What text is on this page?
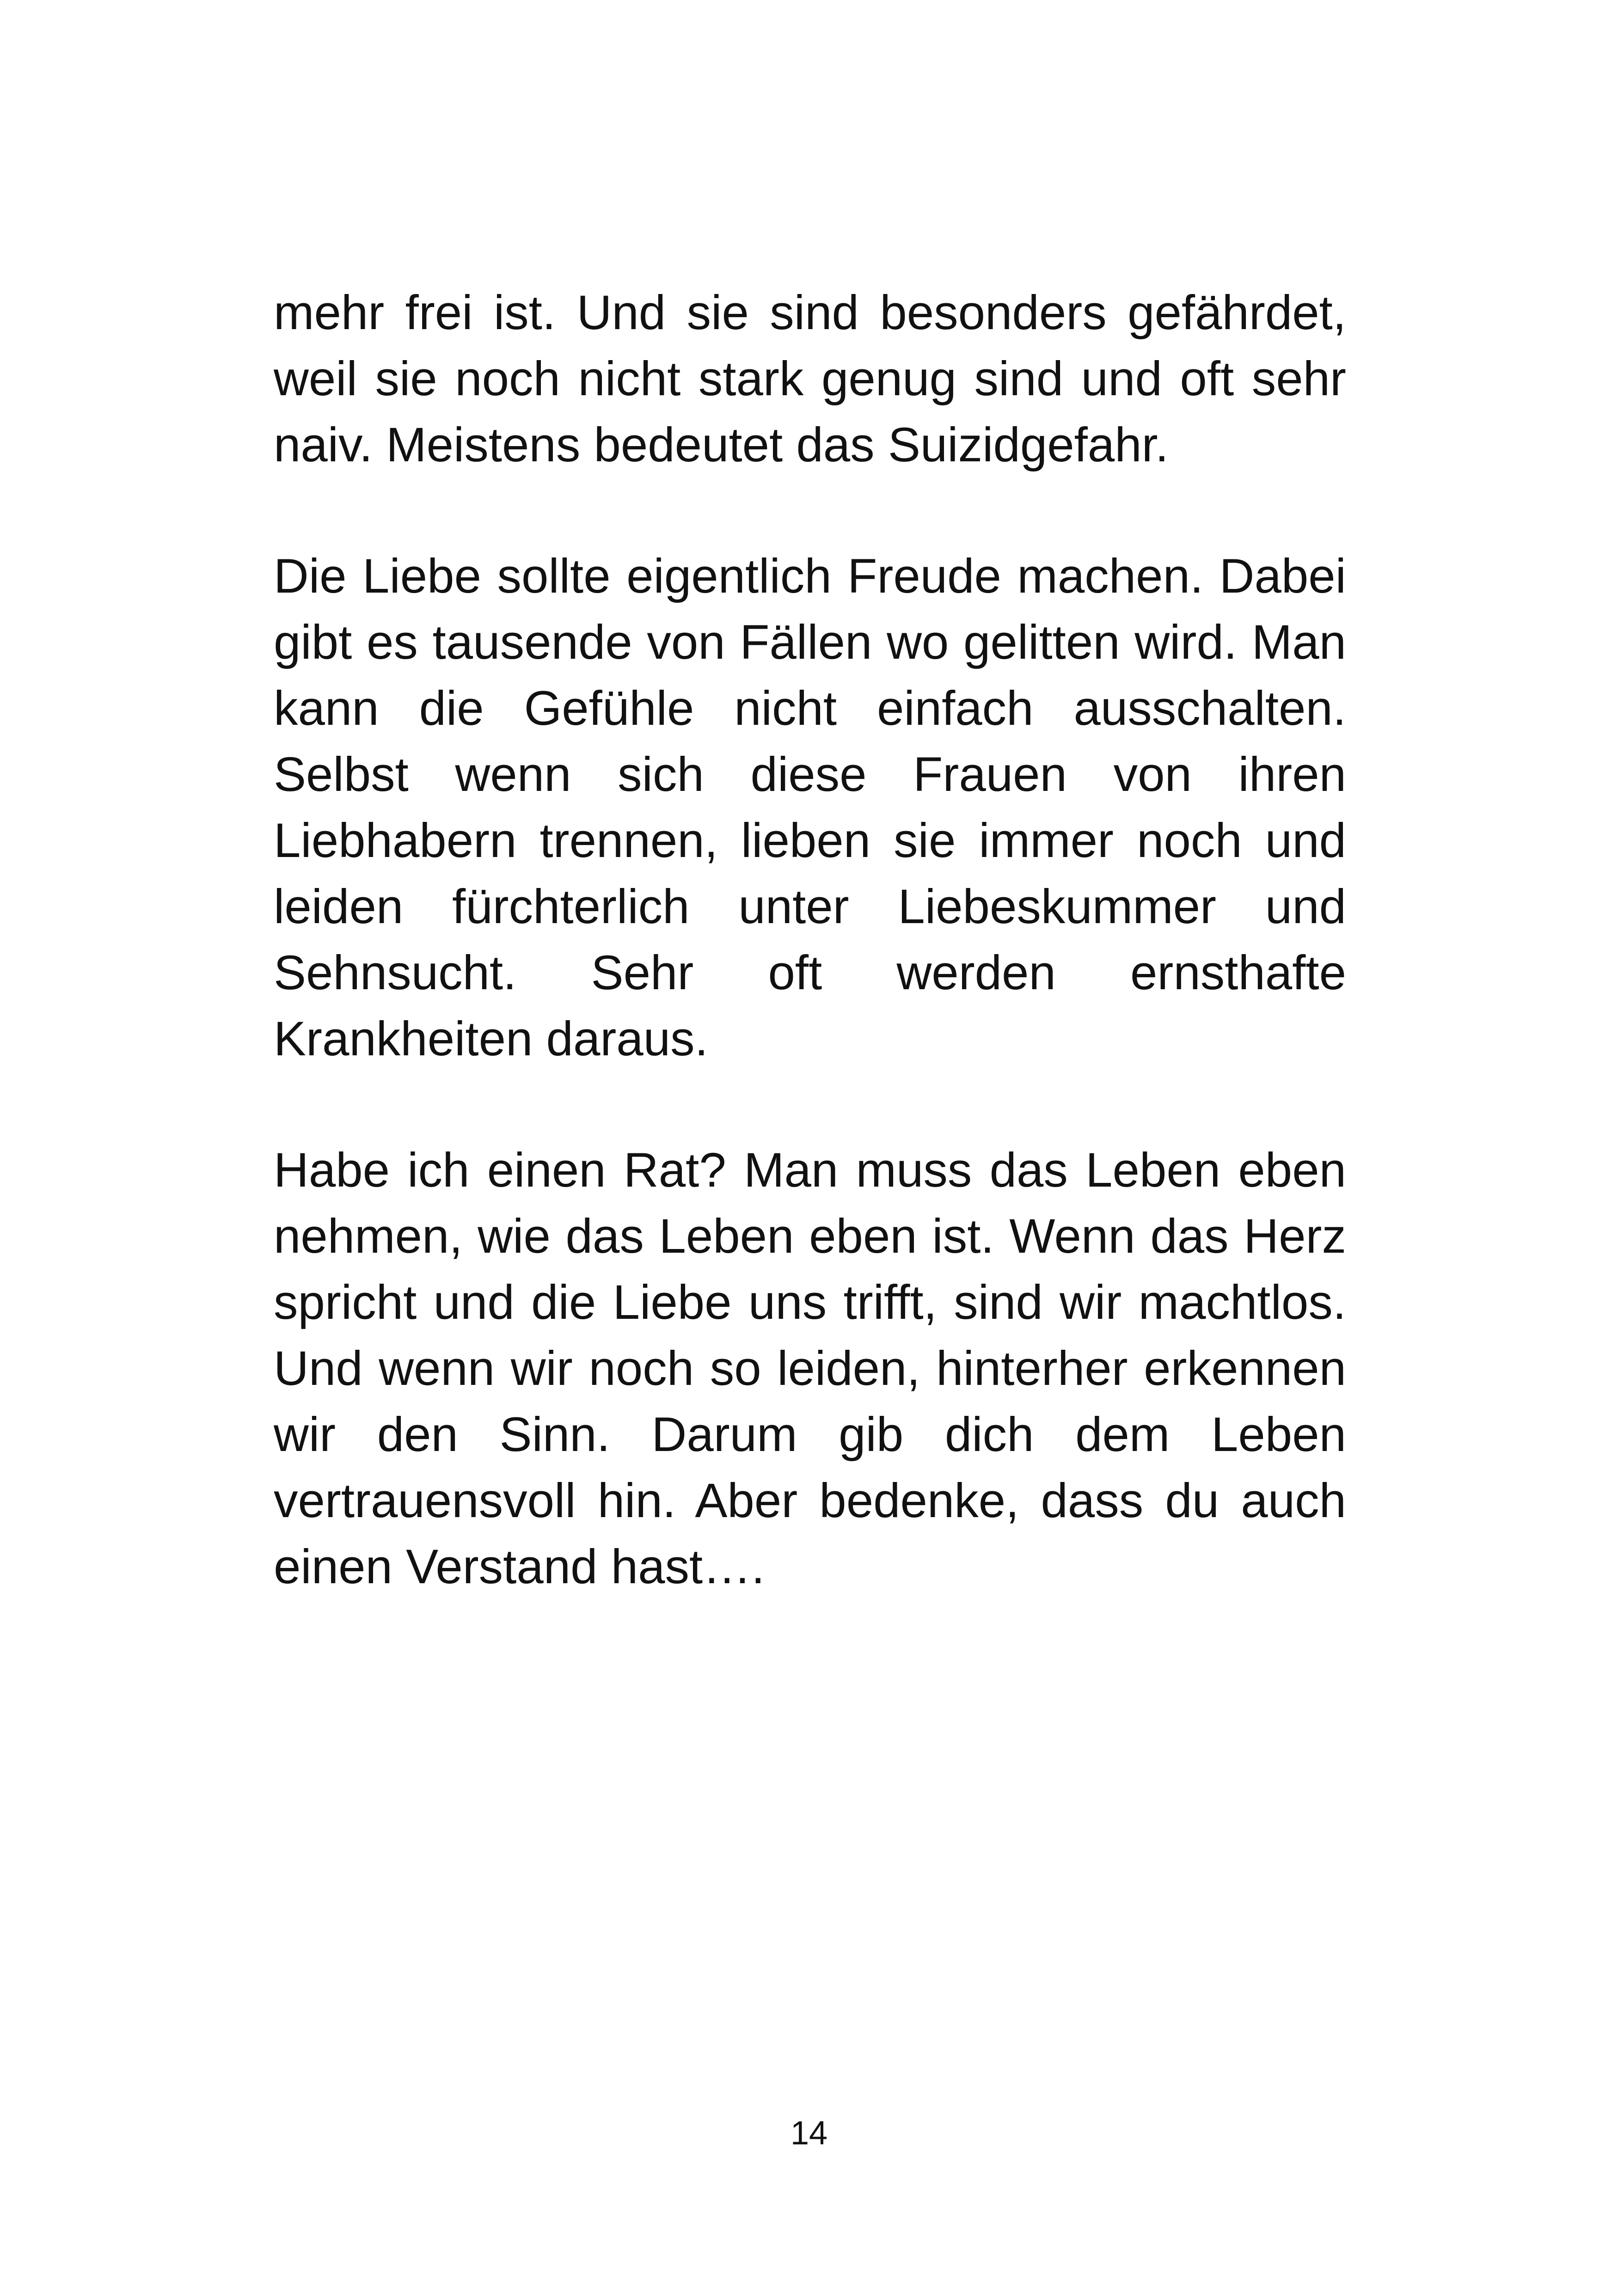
mehr frei ist. Und sie sind besonders gefährdet,
weil sie noch nicht stark genug sind und oft sehr
naiv. Meistens bedeutet das Suizidgefahr.
Die Liebe sollte eigentlich Freude machen. Dabei
gibt es tausende von Fällen wo gelitten wird. Man
kann die Gefühle nicht einfach ausschalten.
Selbst wenn sich diese Frauen von ihren
Liebhabern trennen, lieben sie immer noch und
leiden fürchterlich unter Liebeskummer und
Sehnsucht. Sehr oft werden ernsthafte
Krankheiten daraus.
Habe ich einen Rat? Man muss das Leben eben
nehmen, wie das Leben eben ist. Wenn das Herz
spricht und die Liebe uns trifft, sind wir machtlos.
Und wenn wir noch so leiden, hinterher erkennen
wir den Sinn. Darum gib dich dem Leben
vertrauensvoll hin. Aber bedenke, dass du auch
einen Verstand hast….
14
